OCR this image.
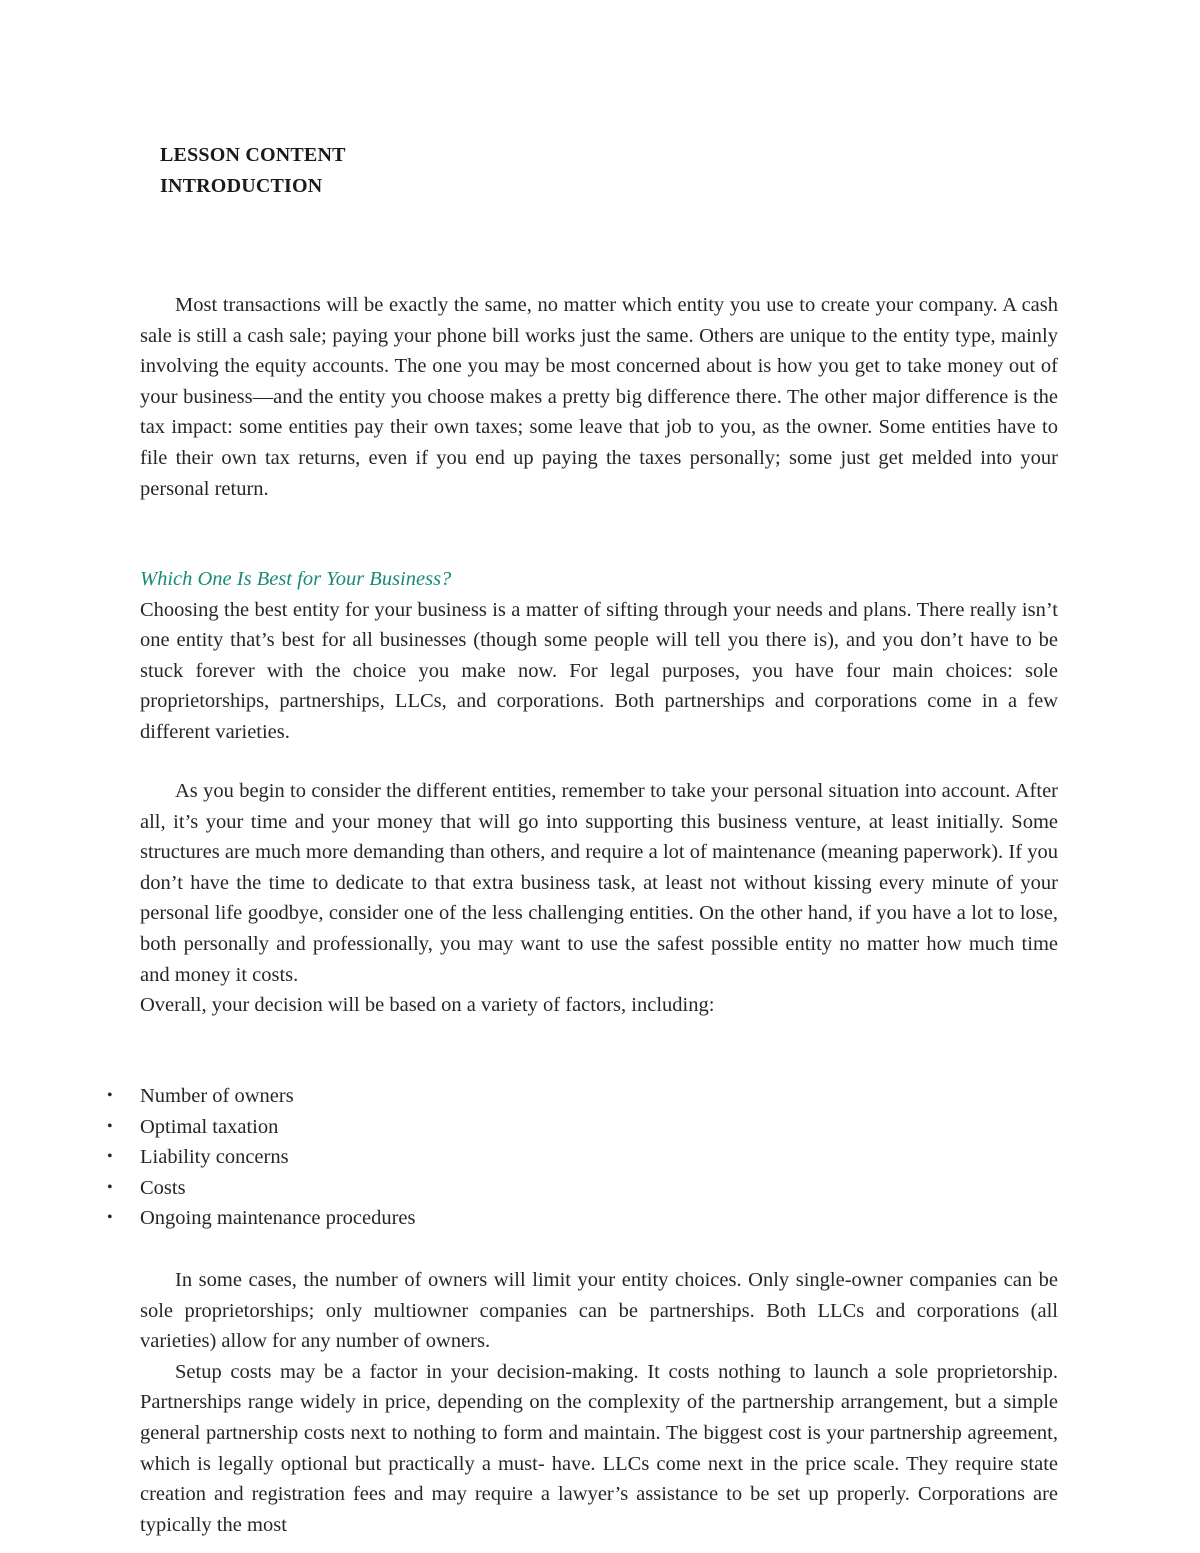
LESSON CONTENT
INTRODUCTION

Most transactions will be exactly the same, no matter which entity you use to create your company. A cash sale is still a cash sale; paying your phone bill works just the same. Others are unique to the entity type, mainly involving the equity accounts. The one you may be most concerned about is how you get to take money out of your business—and the entity you choose makes a pretty big difference there. The other major difference is the tax impact: some entities pay their own taxes; some leave that job to you, as the owner. Some entities have to file their own tax returns, even if you end up paying the taxes personally; some just get melded into your personal return.

Which One Is Best for Your Business?

Choosing the best entity for your business is a matter of sifting through your needs and plans. There really isn’t one entity that’s best for all businesses (though some people will tell you there is), and you don’t have to be stuck forever with the choice you make now. For legal purposes, you have four main choices: sole proprietorships, partnerships, LLCs, and corporations. Both partnerships and corporations come in a few different varieties.

As you begin to consider the different entities, remember to take your personal situation into account. After all, it’s your time and your money that will go into supporting this business venture, at least initially. Some structures are much more demanding than others, and require a lot of maintenance (meaning paperwork). If you don’t have the time to dedicate to that extra business task, at least not without kissing every minute of your personal life goodbye, consider one of the less challenging entities. On the other hand, if you have a lot to lose, both personally and professionally, you may want to use the safest possible entity no matter how much time and money it costs.

Overall, your decision will be based on a variety of factors, including:

• Number of owners
• Optimal taxation
• Liability concerns
• Costs
• Ongoing maintenance procedures

In some cases, the number of owners will limit your entity choices. Only single-owner companies can be sole proprietorships; only multiowner companies can be partnerships. Both LLCs and corporations (all varieties) allow for any number of owners.

Setup costs may be a factor in your decision-making. It costs nothing to launch a sole proprietorship. Partnerships range widely in price, depending on the complexity of the partnership arrangement, but a simple general partnership costs next to nothing to form and maintain. The biggest cost is your partnership agreement, which is legally optional but practically a must- have. LLCs come next in the price scale. They require state creation and registration fees and may require a lawyer’s assistance to be set up properly. Corporations are typically the most
